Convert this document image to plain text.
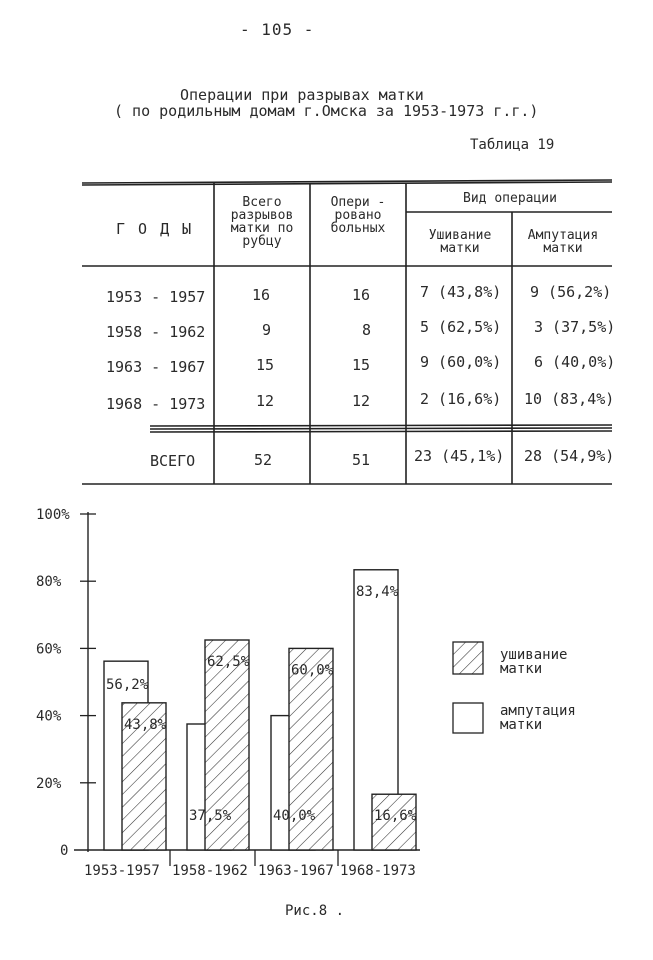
- 105 -
Операции при разрывах матки
( по родильным домам г.Омска за 1953-1973 г.г.)
Таблица 19
Г О Д Ы
Всего разрывов матки по рубцу
Опери - ровано больных
Вид операции
Ушивание матки
Ампутация матки
1953 - 1957	16	16	7 (43,8%) 9 (56,2%)
1958 - 1962	9	8	5 (62,5%) 3 (37,5%)
1963 - 1967	15	15	9 (60,0%) 6 (40,0%)
1968 - 1973	12	12	2 (16,6%) 10 (83,4%)
ВСЕГО	52	51	23 (45,1%) 28 (54,9%)
0
20%
40%
60%
80%
100%
56,2%
43,8%
37,5%
62,5%
40,0%
60,0%
83,4%
16,6%
1953-1957 1958-1962 1963-1967 1968-1973
ушивание
матки
ампутация
матки
Рис.8 .
